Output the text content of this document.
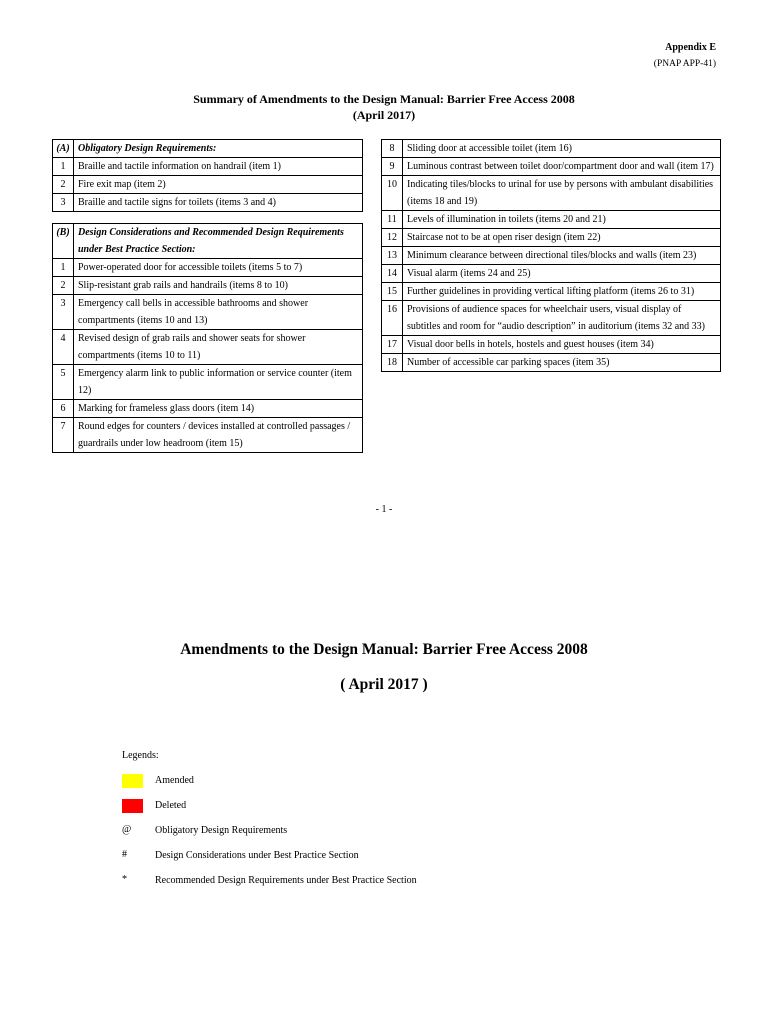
Appendix E
(PNAP APP-41)
Summary of Amendments to the Design Manual: Barrier Free Access 2008
(April 2017)
(A)	Obligatory Design Requirements:
1	Braille and tactile information on handrail (item 1)
2	Fire exit map (item 2)
3	Braille and tactile signs for toilets (items 3 and 4)
(B)	Design Considerations and Recommended Design Requirements under Best Practice Section:
1	Power-operated door for accessible toilets (items 5 to 7)
2	Slip-resistant grab rails and handrails (items 8 to 10)
3	Emergency call bells in accessible bathrooms and shower compartments (items 10 and 13)
4	Revised design of grab rails and shower seats for shower compartments (items 10 to 11)
5	Emergency alarm link to public information or service counter (item 12)
6	Marking for frameless glass doors (item 14)
7	Round edges for counters / devices installed at controlled passages / guardrails under low headroom (item 15)
8	Sliding door at accessible toilet (item 16)
9	Luminous contrast between toilet door/compartment door and wall (item 17)
10	Indicating tiles/blocks to urinal for use by persons with ambulant disabilities (items 18 and 19)
11	Levels of illumination in toilets (items 20 and 21)
12	Staircase not to be at open riser design (item 22)
13	Minimum clearance between directional tiles/blocks and walls (item 23)
14	Visual alarm (items 24 and 25)
15	Further guidelines in providing vertical lifting platform (items 26 to 31)
16	Provisions of audience spaces for wheelchair users, visual display of subtitles and room for “audio description” in auditorium (items 32 and 33)
17	Visual door bells in hotels, hostels and guest houses (item 34)
18	Number of accessible car parking spaces (item 35)
- 1 -
Amendments to the Design Manual: Barrier Free Access 2008
( April 2017 )
Legends:
Amended
Deleted
@	Obligatory Design Requirements
#	Design Considerations under Best Practice Section
*	Recommended Design Requirements under Best Practice Section
